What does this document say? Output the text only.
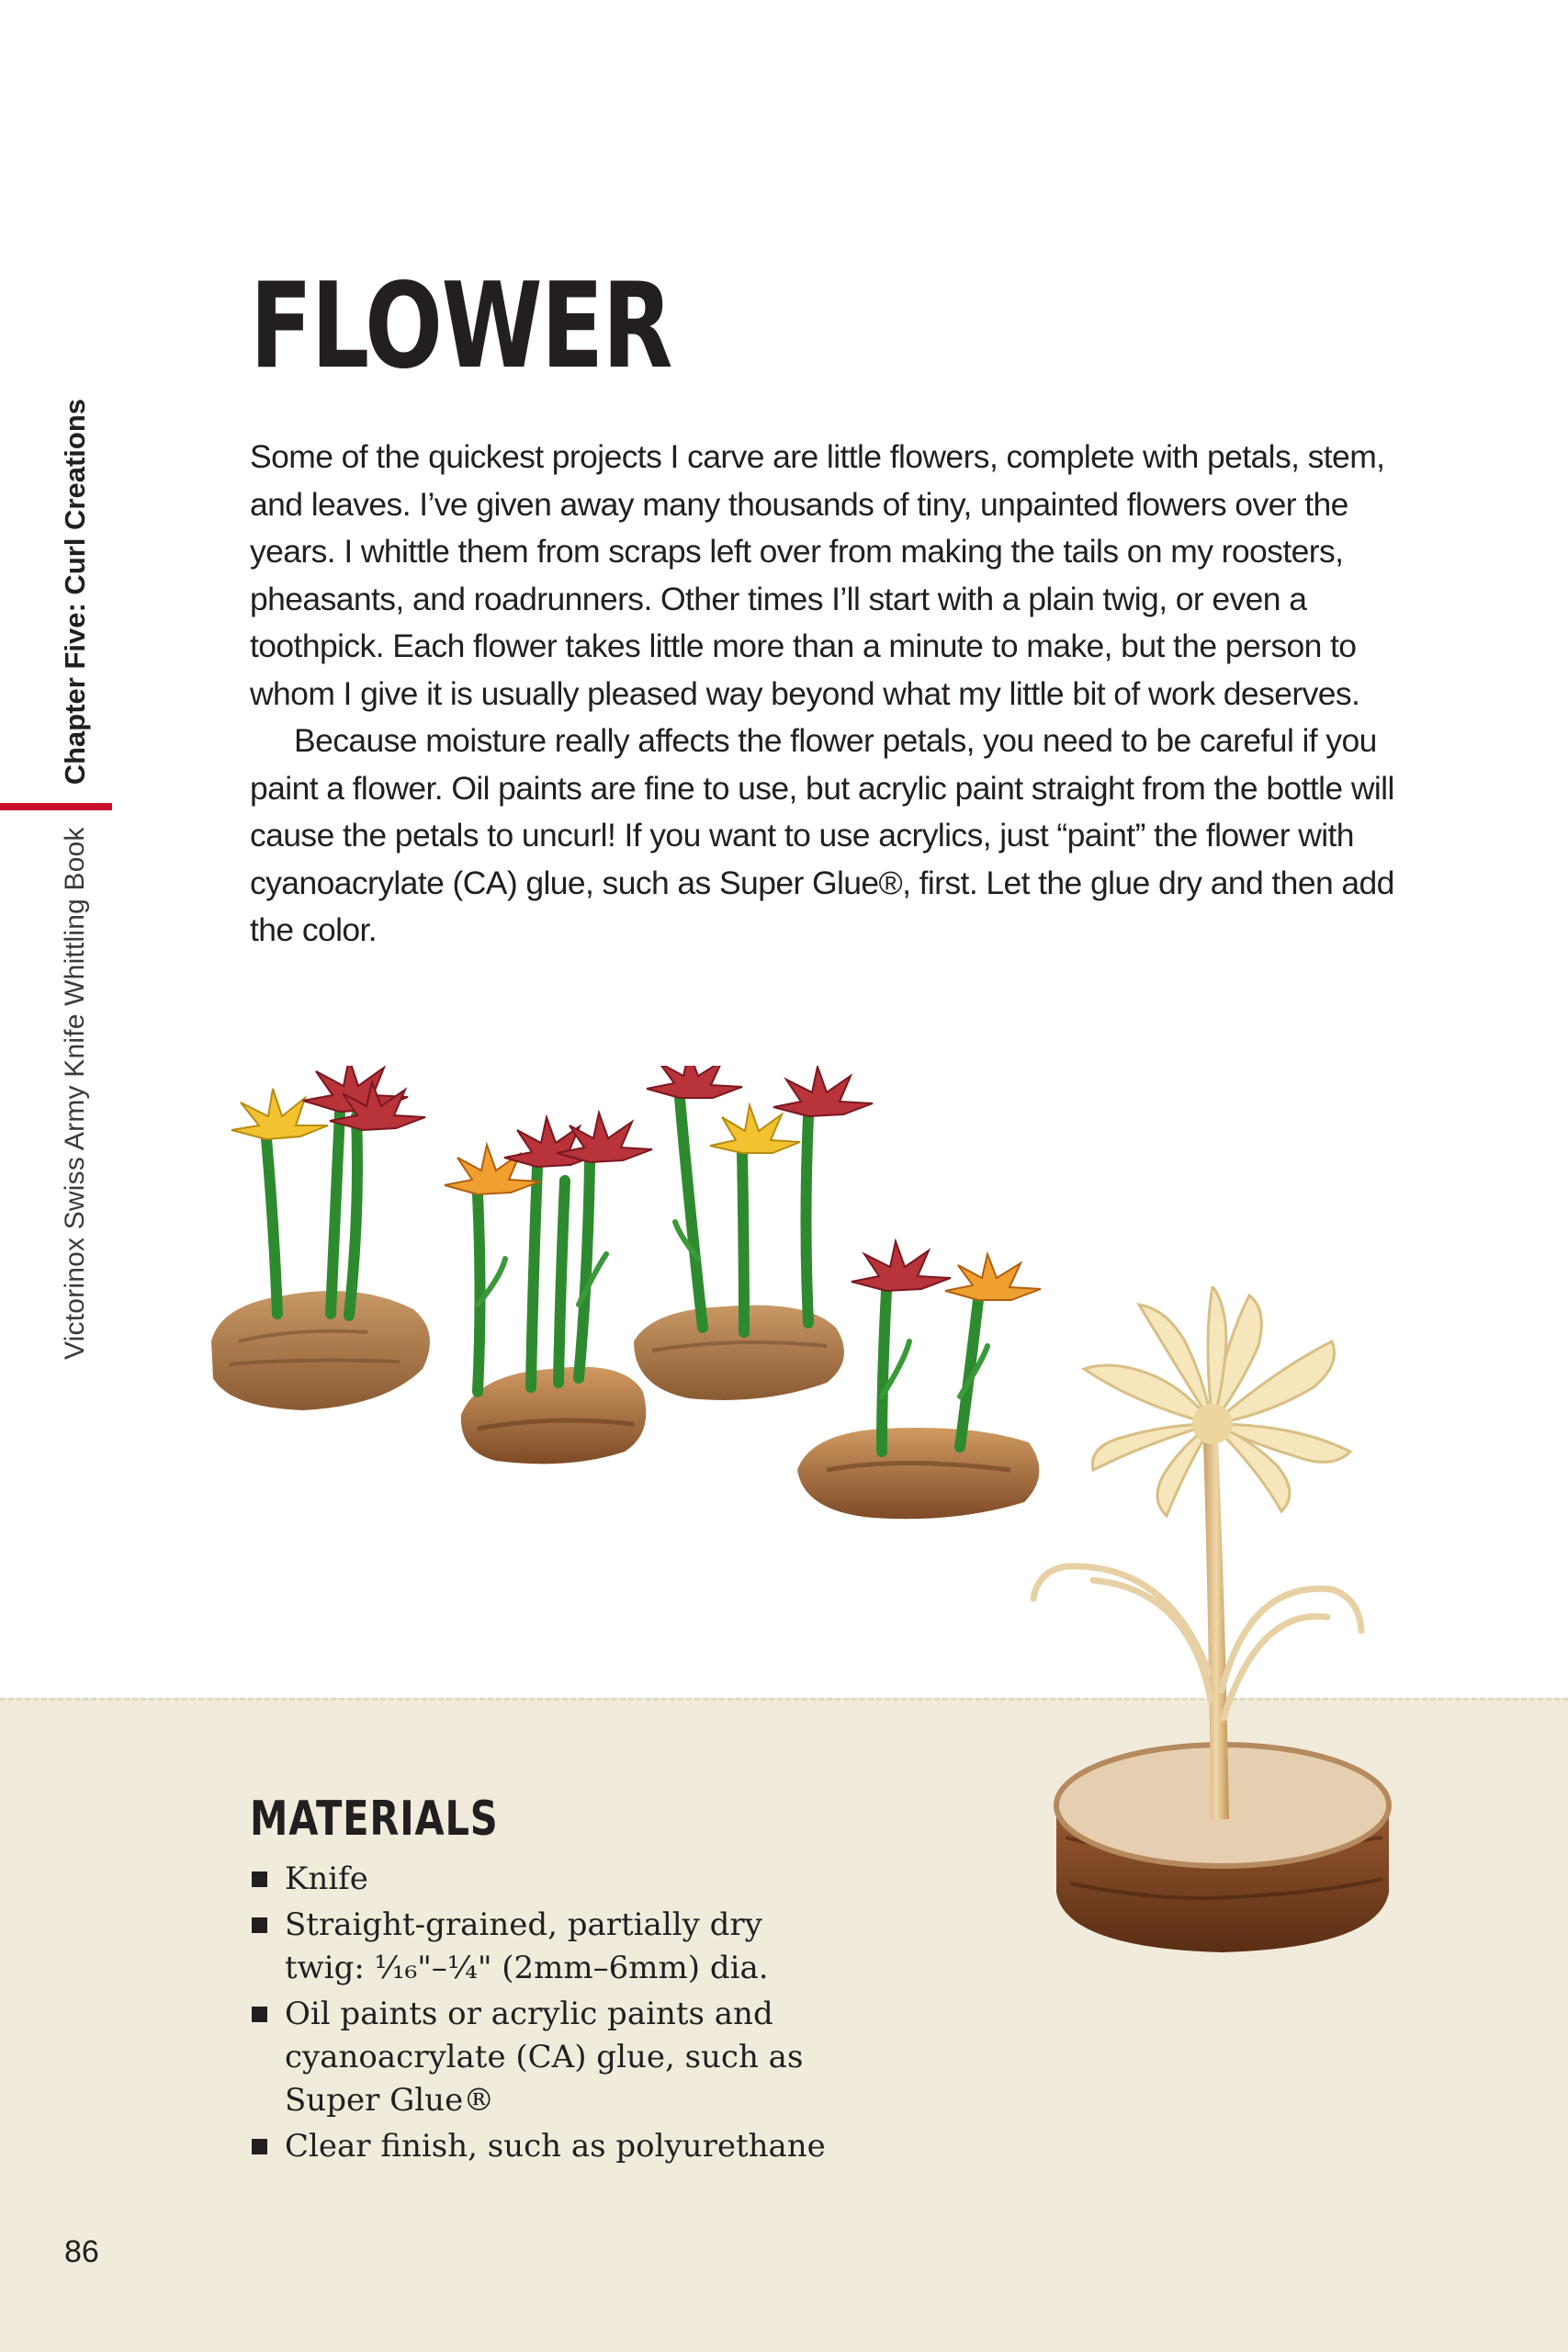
Victorinox Swiss Army Knife Whittling Book
Chapter Five: Curl Creations
FLOWER

Some of the quickest projects I carve are little flowers, complete with petals, stem, and leaves. I’ve given away many thousands of tiny, unpainted flowers over the years. I whittle them from scraps left over from making the tails on my roosters, pheasants, and roadrunners. Other times I’ll start with a plain twig, or even a toothpick. Each flower takes little more than a minute to make, but the person to whom I give it is usually pleased way beyond what my little bit of work deserves.

Because moisture really affects the flower petals, you need to be careful if you paint a flower. Oil paints are fine to use, but acrylic paint straight from the bottle will cause the petals to uncurl! If you want to use acrylics, just “paint” the flower with cyanoacrylate (CA) glue, such as Super Glue®, first. Let the glue dry and then add the color.

MATERIALS
Knife
Straight-grained, partially dry twig: ¹⁄₁₆"–¼" (2mm–6mm) dia.
Oil paints or acrylic paints and cyanoacrylate (CA) glue, such as Super Glue®
Clear finish, such as polyurethane
86
